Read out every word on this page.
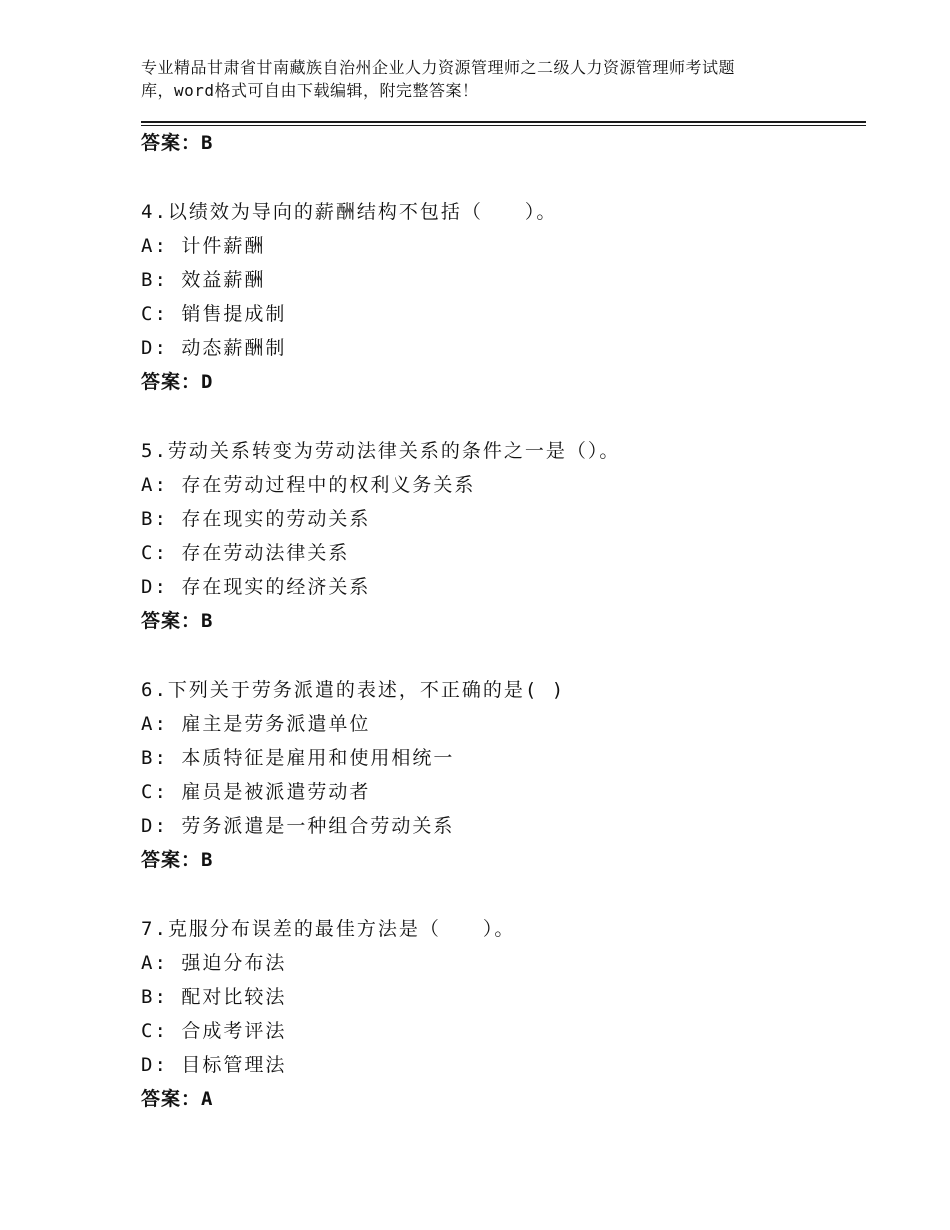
专业精品甘肃省甘南藏族自治州企业人力资源管理师之二级人力资源管理师考试题
库，word格式可自由下载编辑，附完整答案！
答案：B
4.以绩效为导向的薪酬结构不包括（　　）。
A: 计件薪酬
B: 效益薪酬
C: 销售提成制
D: 动态薪酬制
答案：D
5.劳动关系转变为劳动法律关系的条件之一是（）。
A: 存在劳动过程中的权利义务关系
B: 存在现实的劳动关系
C: 存在劳动法律关系
D: 存在现实的经济关系
答案：B
6.下列关于劳务派遣的表述，不正确的是( )
A: 雇主是劳务派遣单位
B: 本质特征是雇用和使用相统一
C: 雇员是被派遣劳动者
D: 劳务派遣是一种组合劳动关系
答案：B
7.克服分布误差的最佳方法是（　　）。
A: 强迫分布法
B: 配对比较法
C: 合成考评法
D: 目标管理法
答案：A
